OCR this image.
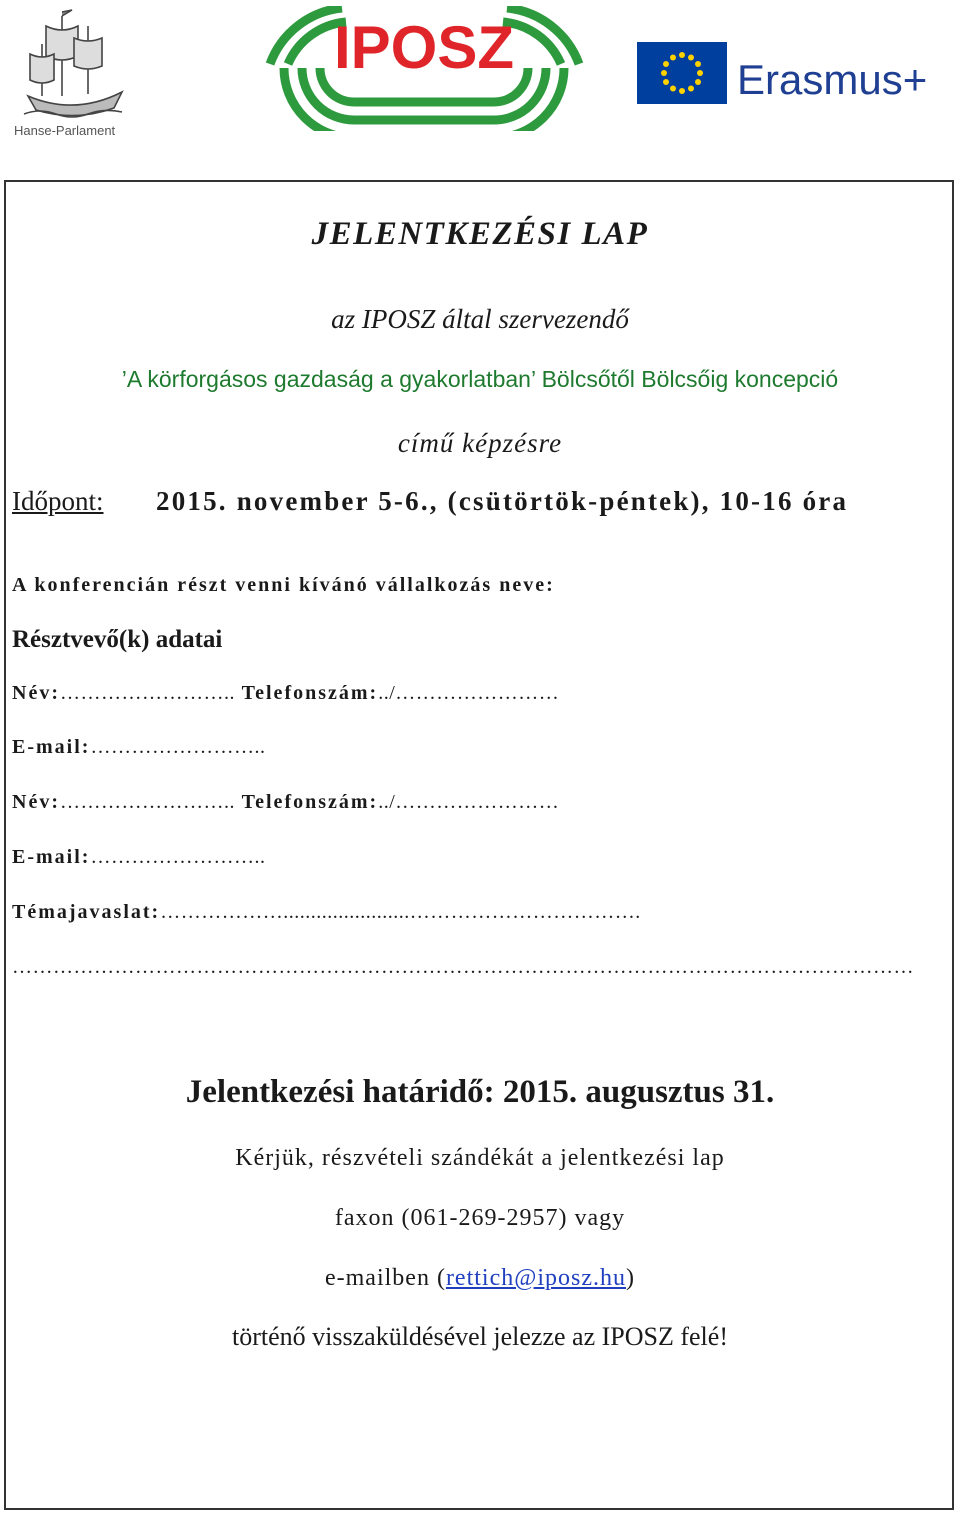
Hanse-Parlament
IPOSZ	Erasmus+
JELENTKEZÉSI LAP
az IPOSZ által szervezendő
’A körforgásos gazdaság a gyakorlatban’ Bölcsőtől Bölcsőig koncepció
című képzésre
Időpont: 2015. november 5-6., (csütörtök-péntek), 10-16 óra
A konferencián részt venni kívánó vállalkozás neve:
Résztvevő(k) adatai
Név:…………………….. Telefonszám:../……………………
E-mail:……………………..
Név:…………………….. Telefonszám:../……………………
E-mail:……………………..
Témajavaslat:……………….......................…………………………….
……………………………………………………………………………………………………………………
Jelentkezési határidő: 2015. augusztus 31.
Kérjük, részvételi szándékát a jelentkezési lap
faxon (061-269-2957) vagy
e-mailben (rettich@iposz.hu)
történő visszaküldésével jelezze az IPOSZ felé!
